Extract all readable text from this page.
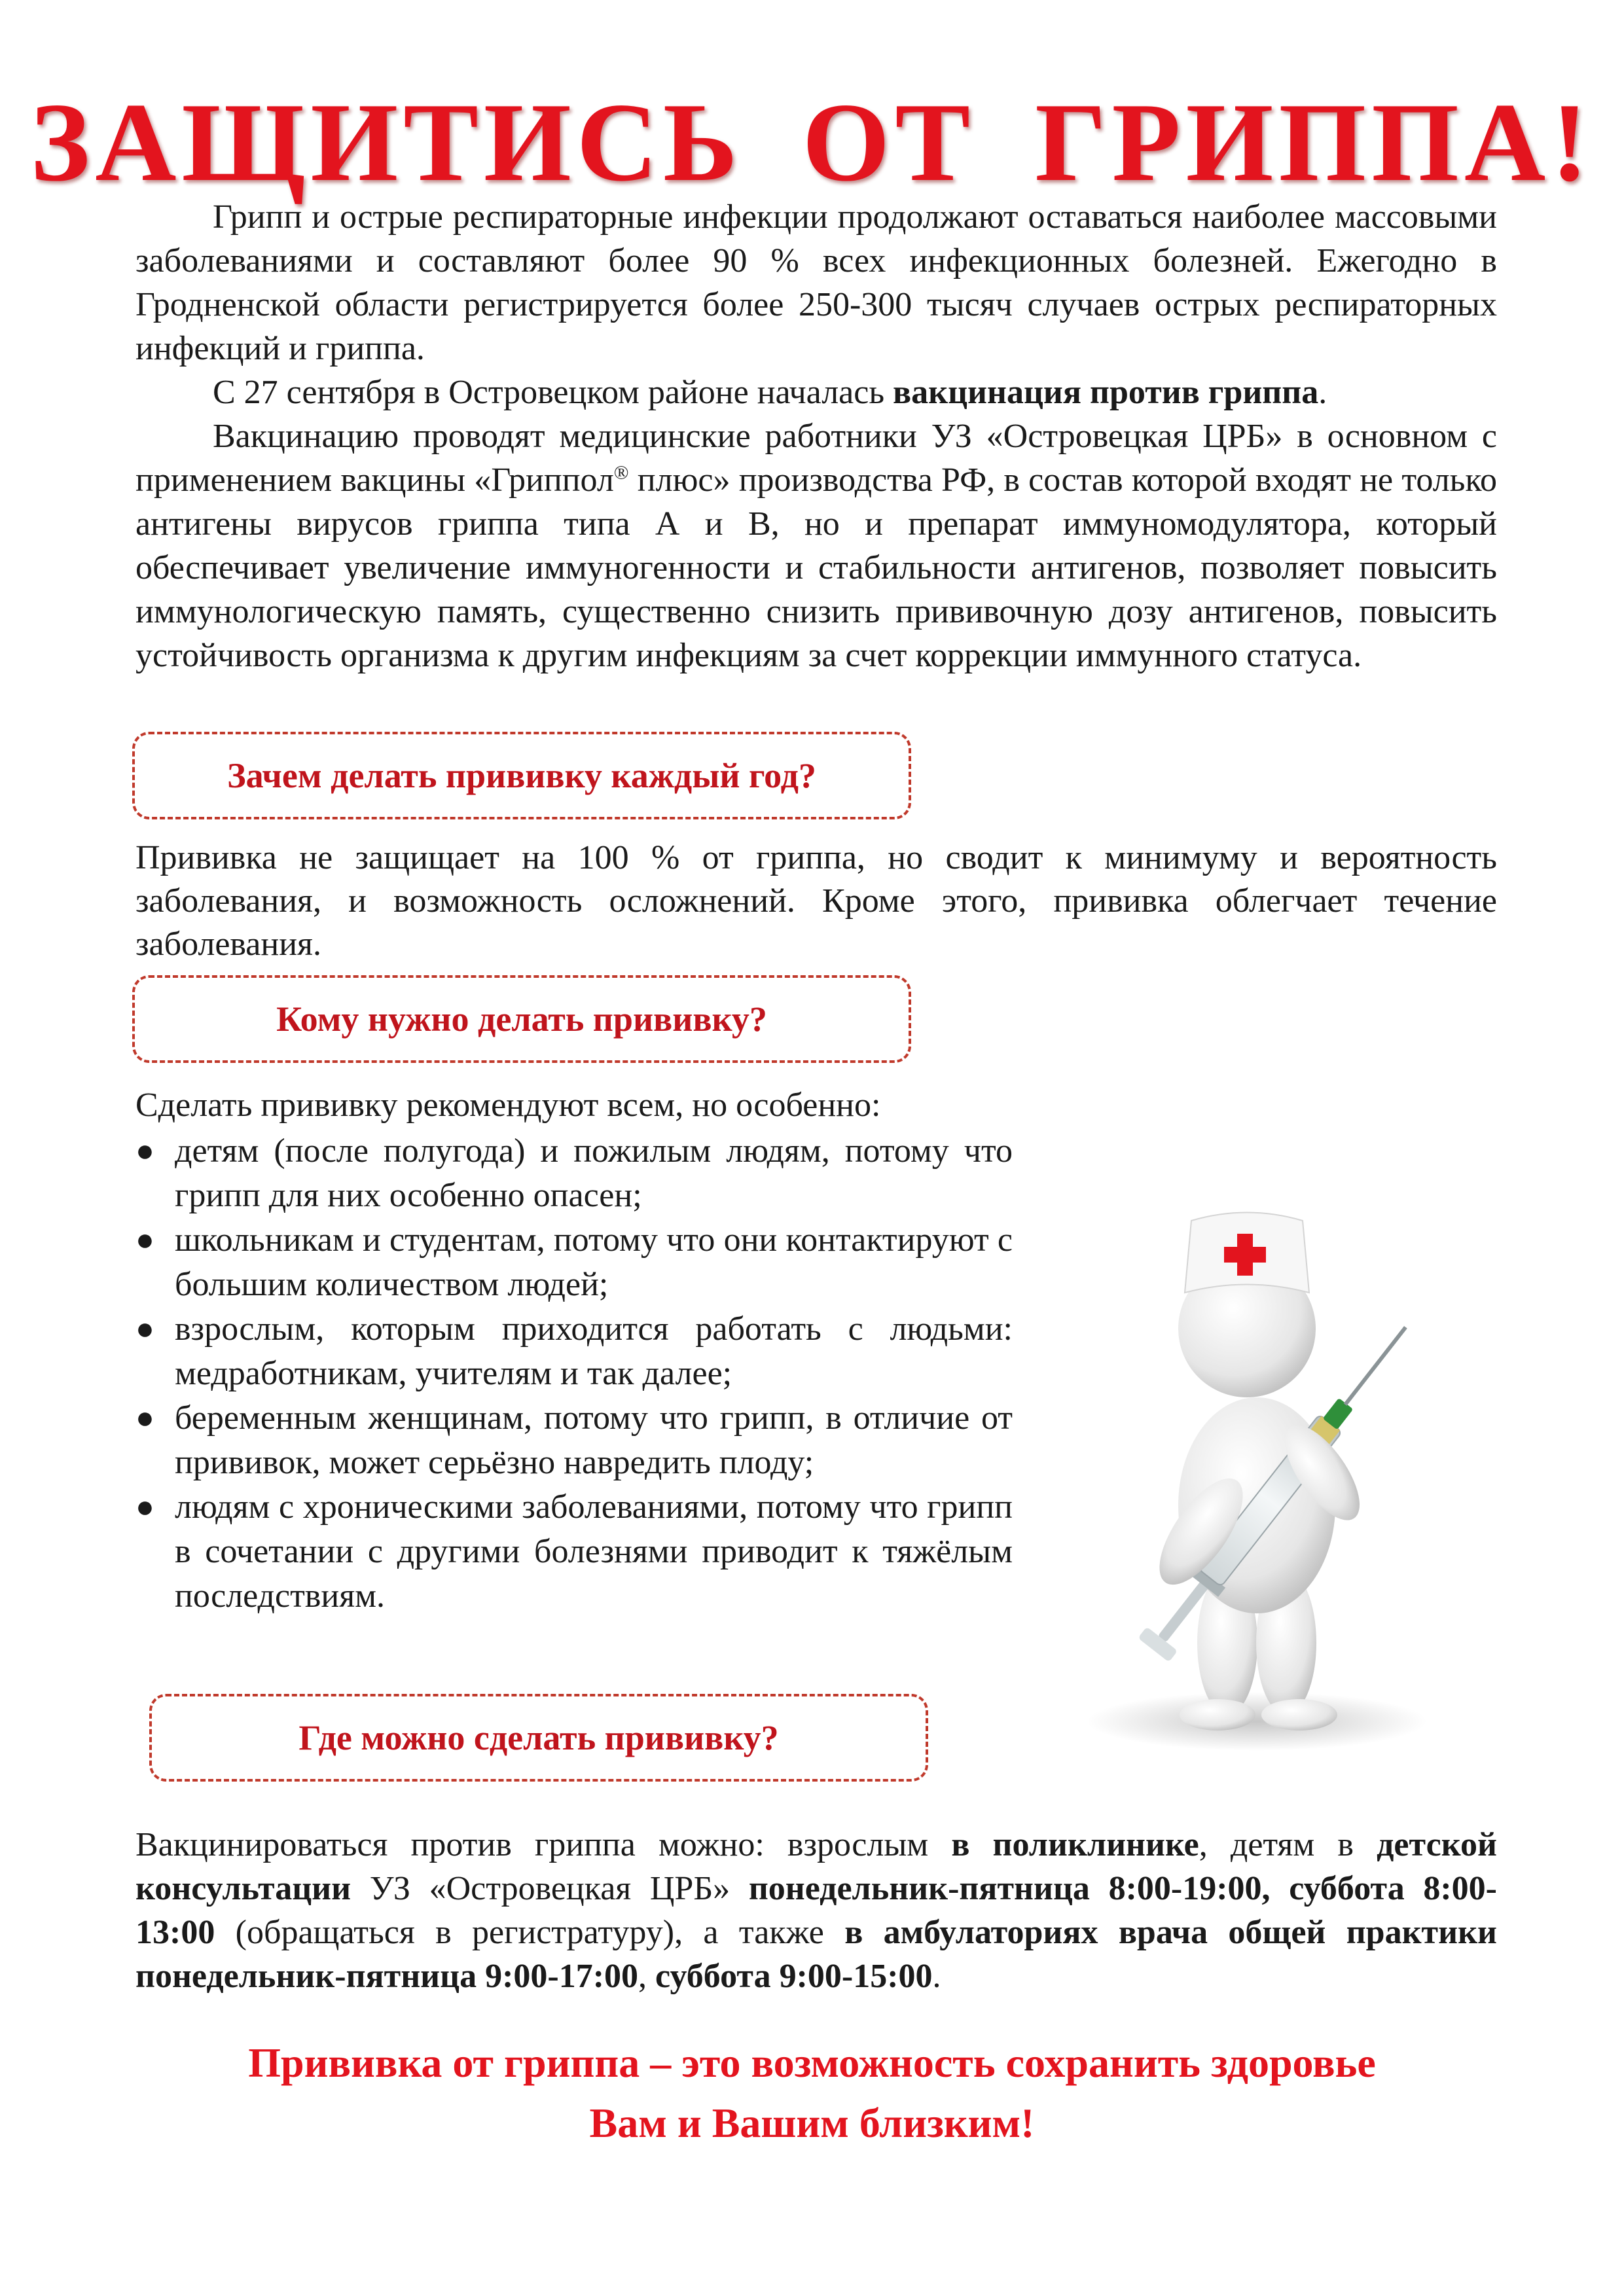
ЗАЩИТИСЬ ОТ ГРИППА!

Грипп и острые респираторные инфекции продолжают оставаться наиболее массовыми заболеваниями и составляют более 90 % всех инфекционных болезней. Ежегодно в Гродненской области регистрируется более 250-300 тысяч случаев острых респираторных инфекций и гриппа.

С 27 сентября в Островецком районе началась вакцинация против гриппа.

Вакцинацию проводят медицинские работники УЗ «Островецкая ЦРБ» в основном с применением вакцины «Гриппол® плюс» производства РФ, в состав которой входят не только антигены вирусов гриппа типа А и В, но и препарат иммуномодулятора, который обеспечивает увеличение иммуногенности и стабильности антигенов, позволяет повысить иммунологическую память, существенно снизить прививочную дозу антигенов, повысить устойчивость организма к другим инфекциям за счет коррекции иммунного статуса.

Зачем делать прививку каждый год?

Прививка не защищает на 100 % от гриппа, но сводит к минимуму и вероятность заболевания, и возможность осложнений. Кроме этого, прививка облегчает течение заболевания.

Кому нужно делать прививку?

Сделать прививку рекомендуют всем, но особенно:

● детям (после полугода) и пожилым людям, потому что грипп для них особенно опасен;
● школьникам и студентам, потому что они контактируют с большим количеством людей;
● взрослым, которым приходится работать с людьми: медработникам, учителям и так далее;
● беременным женщинам, потому что грипп, в отличие от прививок, может серьёзно навредить плоду;
● людям с хроническими заболеваниями, потому что грипп в сочетании с другими болезнями приводит к тяжёлым последствиям.
Где можно сделать прививку?

Вакцинироваться против гриппа можно: взрослым в поликлинике, детям в детской консультации УЗ «Островецкая ЦРБ» понедельник-пятница 8:00-19:00, суббота 8:00-13:00 (обращаться в регистратуру), а также в амбулаториях врача общей практики понедельник-пятница 9:00-17:00, суббота 9:00-15:00.

Прививка от гриппа – это возможность сохранить здоровье

Вам и Вашим близким!
